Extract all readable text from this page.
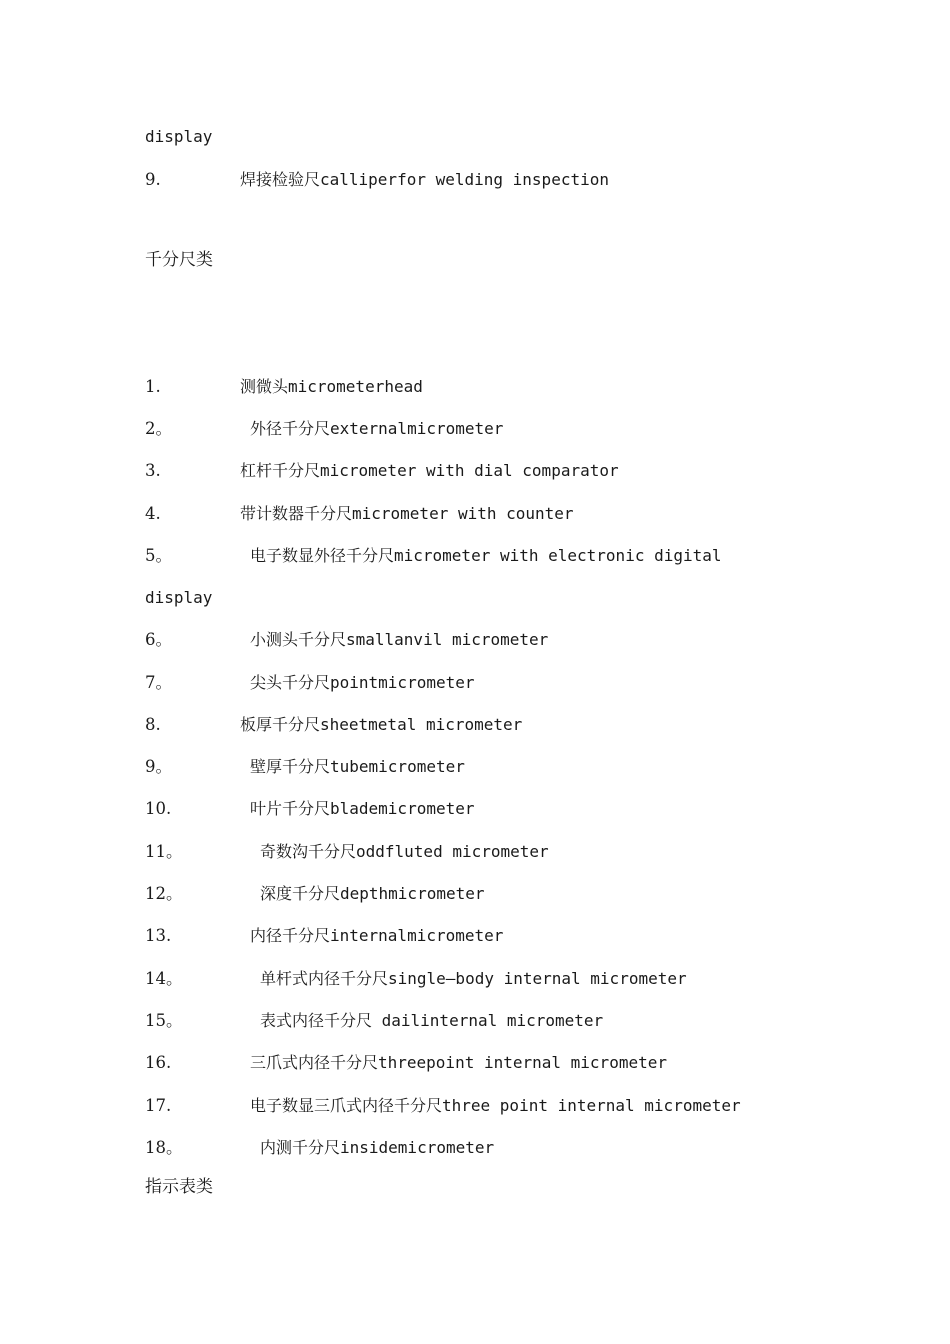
display
9.	焊接检验尺calliperfor welding inspection
千分尺类
1.	测微头micrometerhead
2。	外径千分尺externalmicrometer
3.	杠杆千分尺micrometer with dial comparator
4.	带计数器千分尺micrometer with counter
5。	电子数显外径千分尺micrometer with electronic digital
display
6。	小测头千分尺smallanvil micrometer
7。	尖头千分尺pointmicrometer
8.	板厚千分尺sheetmetal micrometer
9。	壁厚千分尺tubemicrometer
10.	叶片千分尺blademicrometer
11。	奇数沟千分尺oddfluted micrometer
12。	深度千分尺depthmicrometer
13.	内径千分尺internalmicrometer
14。	单杆式内径千分尺single—body internal micrometer
15。	表式内径千分尺 dailinternal micrometer
16.	三爪式内径千分尺threepoint internal micrometer
17.	电子数显三爪式内径千分尺three point internal micrometer
18。	内测千分尺insidemicrometer
指示表类
